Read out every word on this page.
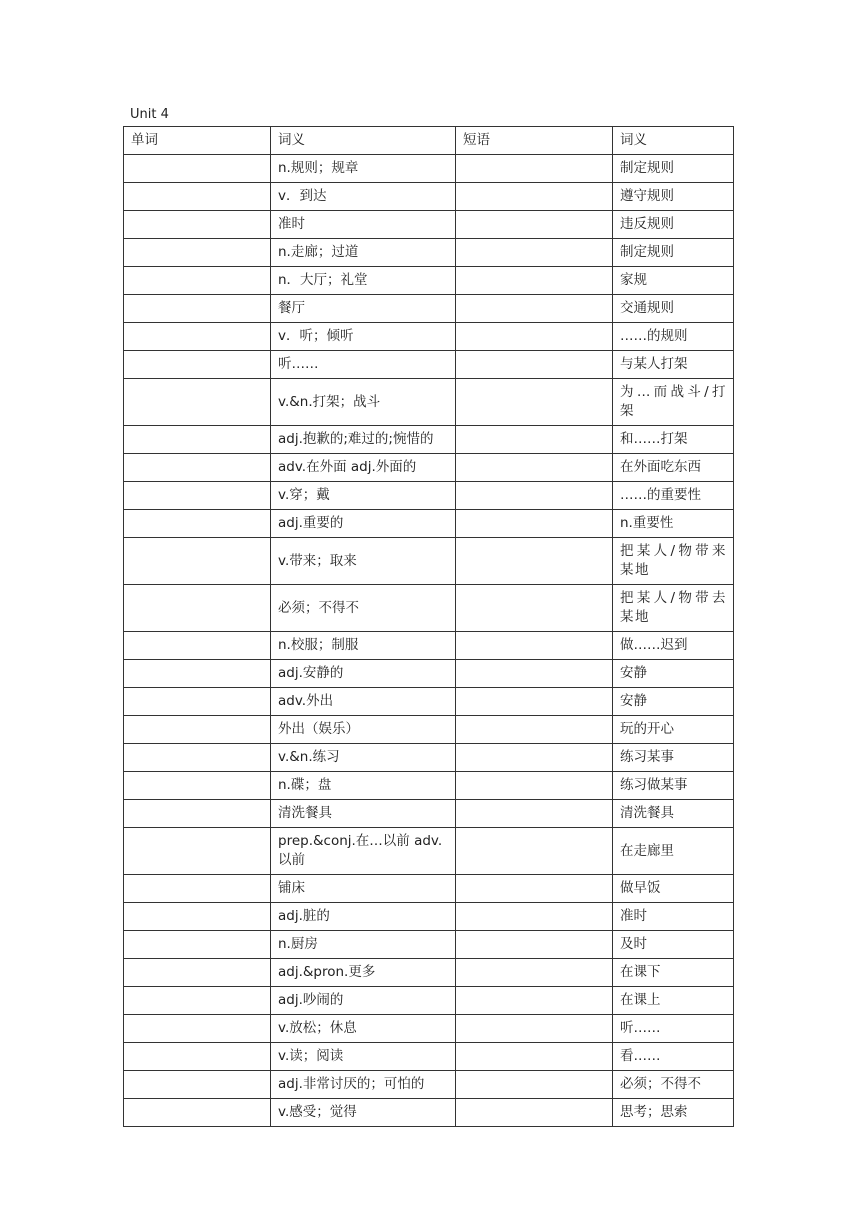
Unit 4
单词	词义	短语	词义
	n.规则；规章		制定规则
	v．到达		遵守规则
	准时		违反规则
	n.走廊；过道		制定规则
	n．大厅；礼堂		家规
	餐厅		交通规则
	v．听；倾听		……的规则
	听……		与某人打架
	v.&n.打架；战斗		为…而战斗/打架
	adj.抱歉的;难过的;惋惜的		和……打架
	adv.在外面 adj.外面的		在外面吃东西
	v.穿；戴		……的重要性
	adj.重要的		n.重要性
	v.带来；取来		把某人/物带来某地
	必须；不得不		把某人/物带去某地
	n.校服；制服		做……迟到
	adj.安静的		安静
	adv.外出		安静
	外出（娱乐）		玩的开心
	v.&n.练习		练习某事
	n.碟；盘		练习做某事
	清洗餐具		清洗餐具
	prep.&conj.在…以前 adv.以前		在走廊里
	铺床		做早饭
	adj.脏的		准时
	n.厨房		及时
	adj.&pron.更多		在课下
	adj.吵闹的		在课上
	v.放松；休息		听……
	v.读；阅读		看……
	adj.非常讨厌的；可怕的		必须；不得不
	v.感受；觉得		思考；思索
